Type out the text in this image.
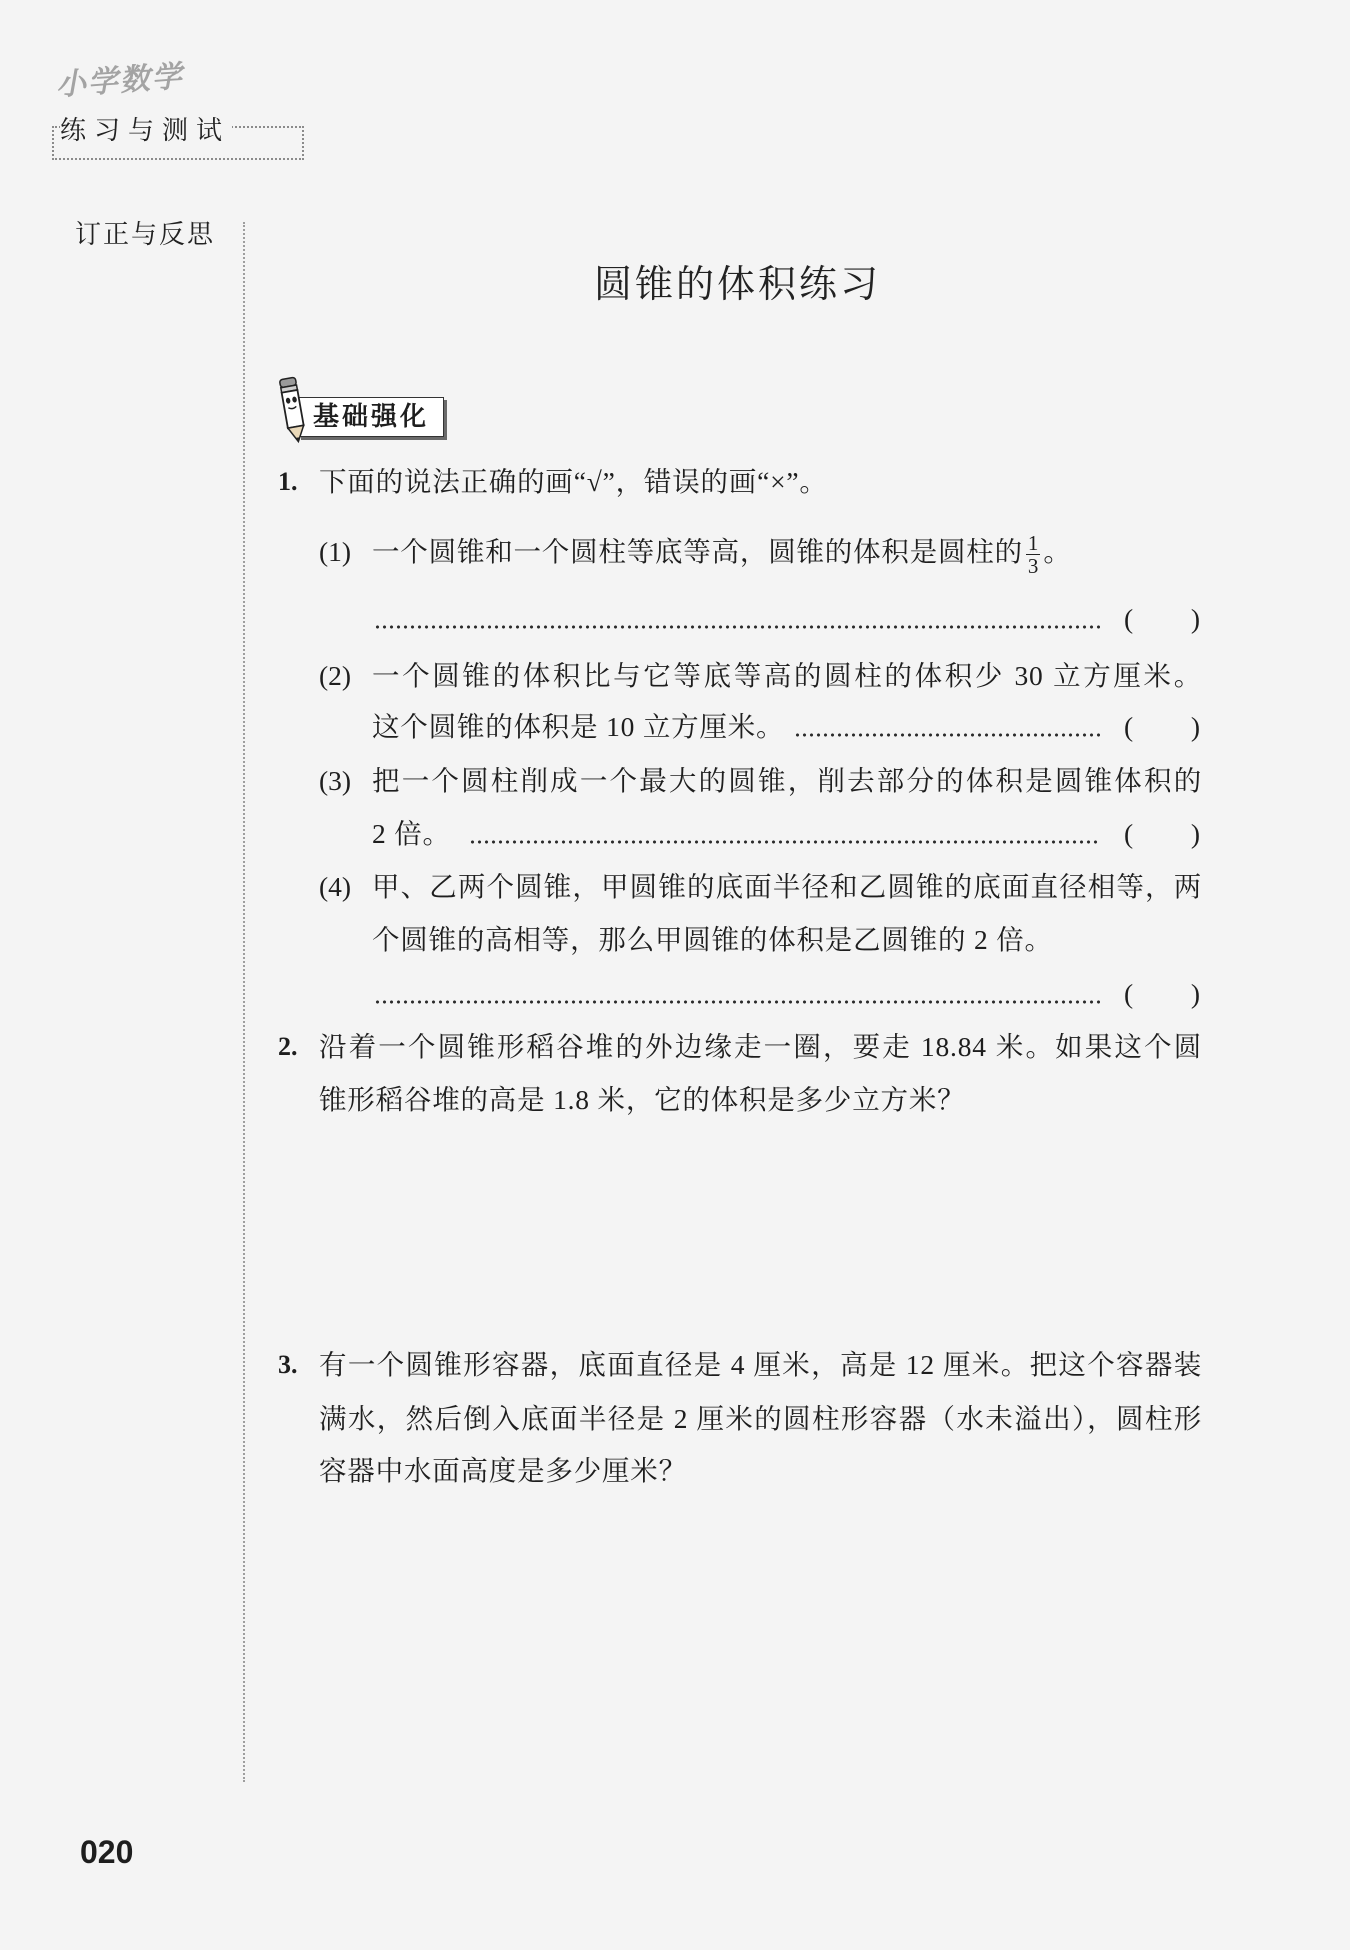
小学数学
练习与测试
订正与反思
圆锥的体积练习
基础强化
1. 下面的说法正确的画“√”，错误的画“×”。
(1) 一个圆锥和一个圆柱等底等高，圆锥的体积是圆柱的 $\frac{1}{3}$ 。
( )
(2) 一个圆锥的体积比与它等底等高的圆柱的体积少 30 立方厘米。
这个圆锥的体积是 10 立方厘米。	( )
(3) 把一个圆柱削成一个最大的圆锥，削去部分的体积是圆锥体积的
2 倍。	( )
(4) 甲、乙两个圆锥，甲圆锥的底面半径和乙圆锥的底面直径相等，两
个圆锥的高相等，那么甲圆锥的体积是乙圆锥的 2 倍。
( )
2. 沿着一个圆锥形稻谷堆的外边缘走一圈，要走 18.84 米。如果这个圆
锥形稻谷堆的高是 1.8 米，它的体积是多少立方米？
3. 有一个圆锥形容器，底面直径是 4 厘米，高是 12 厘米。把这个容器装
满水，然后倒入底面半径是 2 厘米的圆柱形容器（水未溢出），圆柱形
容器中水面高度是多少厘米？
020
